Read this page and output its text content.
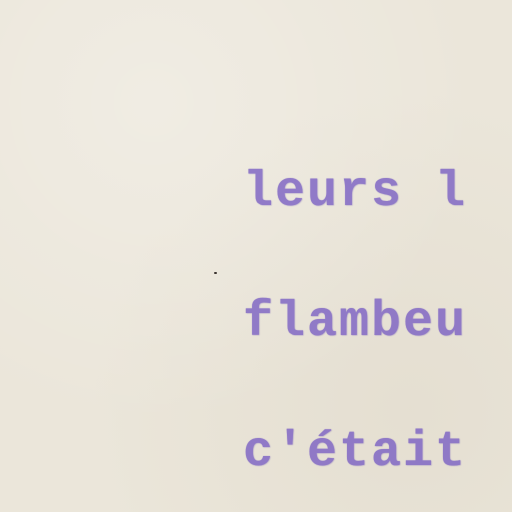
leurs l
flambeu
c'était
